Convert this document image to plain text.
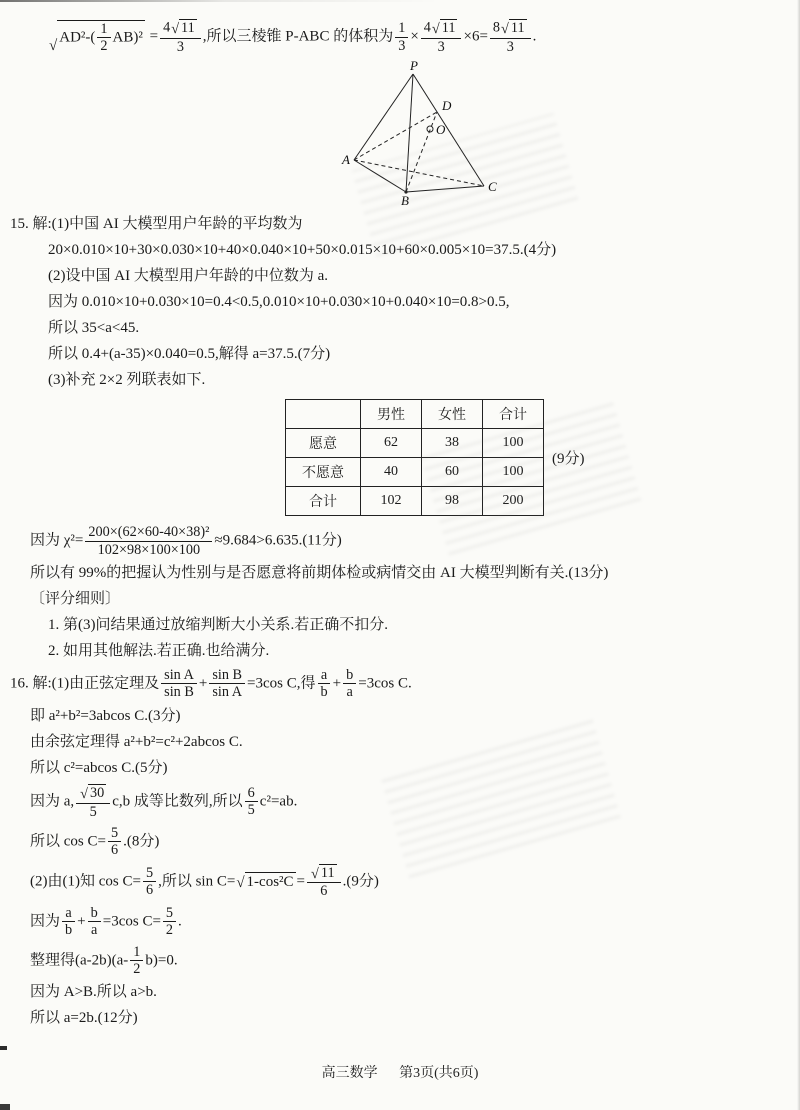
√
$AD^2-( \frac{1}{2} AB)^2 = \frac{4 √ 11}{3}$ ,所以三棱锥 P-ABC 的体积为 $\frac{1}{3} \times \frac{4 √ 11}{3} \times 6= \frac{8 √ 11}{3}$ .

P
A
B
C
D
O

15. 解:(1)中国 AI 大模型用户年龄的平均数为

20×0.010×10+30×0.030×10+40×0.040×10+50×0.015×10+60×0.005×10=37.5.(4分)

(2)设中国 AI 大模型用户年龄的中位数为 a.

因为 0.010×10+0.030×10=0.4<0.5,0.010×10+0.030×10+0.040×10=0.8>0.5,

所以 35<a<45.

所以 0.4+(a-35)×0.040=0.5,解得 a=37.5.(7分)

(3)补充 2×2 列联表如下.

	男性	女性	合计
愿意	62	38	100
不愿意	40	60	100
合计	102	98	200
(9分)

因为 $\chi^2= \frac{\text{200×(62×60-40×38)²}}{102\times 98\times 100\times 100} \approx 9.684>6.635.(11$分)

所以有 99%的把握认为性别与是否愿意将前期体检或病情交由 AI 大模型判断有关.(13分)

〔评分细则〕

1. 第(3)问结果通过放缩判断大小关系.若正确不扣分.

2. 如用其他解法.若正确.也给满分.

16. 解:(1)由正弦定理及 $\frac{\text{sin A}}{\text{sin B}} + \frac{\text{sin B}}{\text{sin A}} =3\cos$ C,得 $\frac{a}{b} + \frac{b}{a} =3\cos$ C.

即 a²+b²=3abcos C.(3分)

由余弦定理得 a²+b²=c²+2abcos C.

所以 c²=abcos C.(5分)

因为 a, $\frac{√ 30}{5} c,b$ 成等比数列,所以 $\frac{6}{5} c^2=ab$.

所以 $\cos C= \frac{5}{6} .(8$分)

(2)由(1)知 $\cos C= \frac{5}{6}$ ,所以 sin C= √ $1-\cos^2C = \frac{√ 11}{6} .(9$分)

因为 $\frac{a}{b} + \frac{b}{a} =3\cos$ $C= \frac{5}{2}$ .

整理得$(a-2b)(a- \frac{1}{2} b)=0$.

因为 A>B.所以 a>b.

所以 a=2b.(12分)

高三数学 第3页(共6页)
